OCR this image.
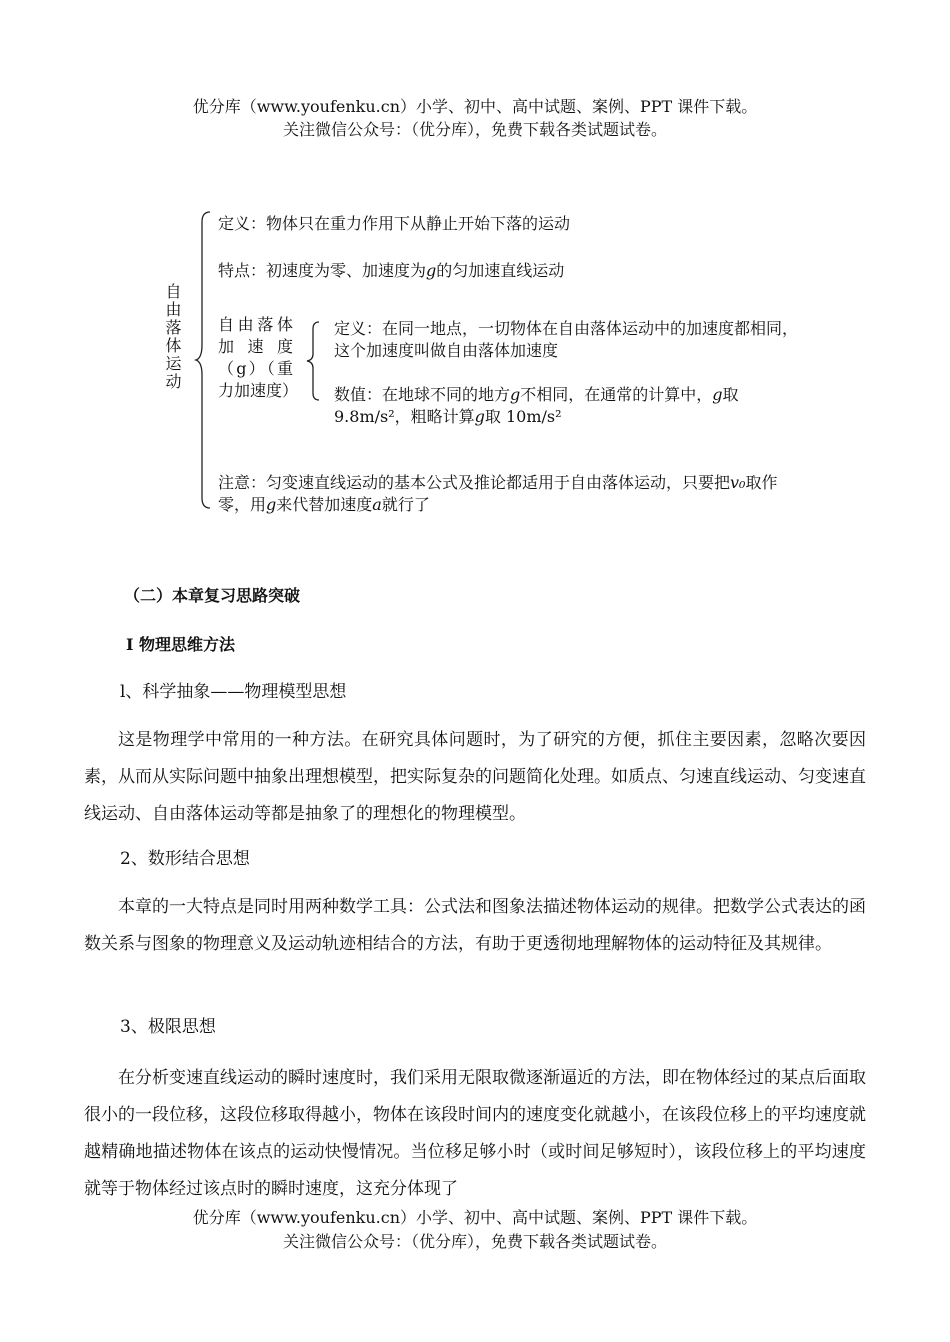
优分库（www.youfenku.cn）小学、初中、高中试题、案例、PPT 课件下载。
关注微信公众号：（优分库），免费下载各类试题试卷。
自由落体运动
定义：物体只在重力作用下从静止开始下落的运动
特点：初速度为零、加速度为g的匀加速直线运动
自由落体加速度（g）（重力加速度）
定义：在同一地点，一切物体在自由落体运动中的加速度都相同，这个加速度叫做自由落体加速度
数值：在地球不同的地方g不相同，在通常的计算中，g取 9.8m/s²，粗略计算g取 10m/s²
注意：匀变速直线运动的基本公式及推论都适用于自由落体运动，只要把v₀取作零，用g来代替加速度a就行了
（二）本章复习思路突破
Ⅰ 物理思维方法
l、科学抽象——物理模型思想
这是物理学中常用的一种方法。在研究具体问题时，为了研究的方便，抓住主要因素，忽略次要因素，从而从实际问题中抽象出理想模型，把实际复杂的问题简化处理。如质点、匀速直线运动、匀变速直线运动、自由落体运动等都是抽象了的理想化的物理模型。
2、数形结合思想
本章的一大特点是同时用两种数学工具：公式法和图象法描述物体运动的规律。把数学公式表达的函数关系与图象的物理意义及运动轨迹相结合的方法，有助于更透彻地理解物体的运动特征及其规律。
3、极限思想
在分析变速直线运动的瞬时速度时，我们采用无限取微逐渐逼近的方法，即在物体经过的某点后面取很小的一段位移，这段位移取得越小，物体在该段时间内的速度变化就越小，在该段位移上的平均速度就越精确地描述物体在该点的运动快慢情况。当位移足够小时（或时间足够短时），该段位移上的平均速度就等于物体经过该点时的瞬时速度，这充分体现了
优分库（www.youfenku.cn）小学、初中、高中试题、案例、PPT 课件下载。
关注微信公众号：（优分库），免费下载各类试题试卷。
